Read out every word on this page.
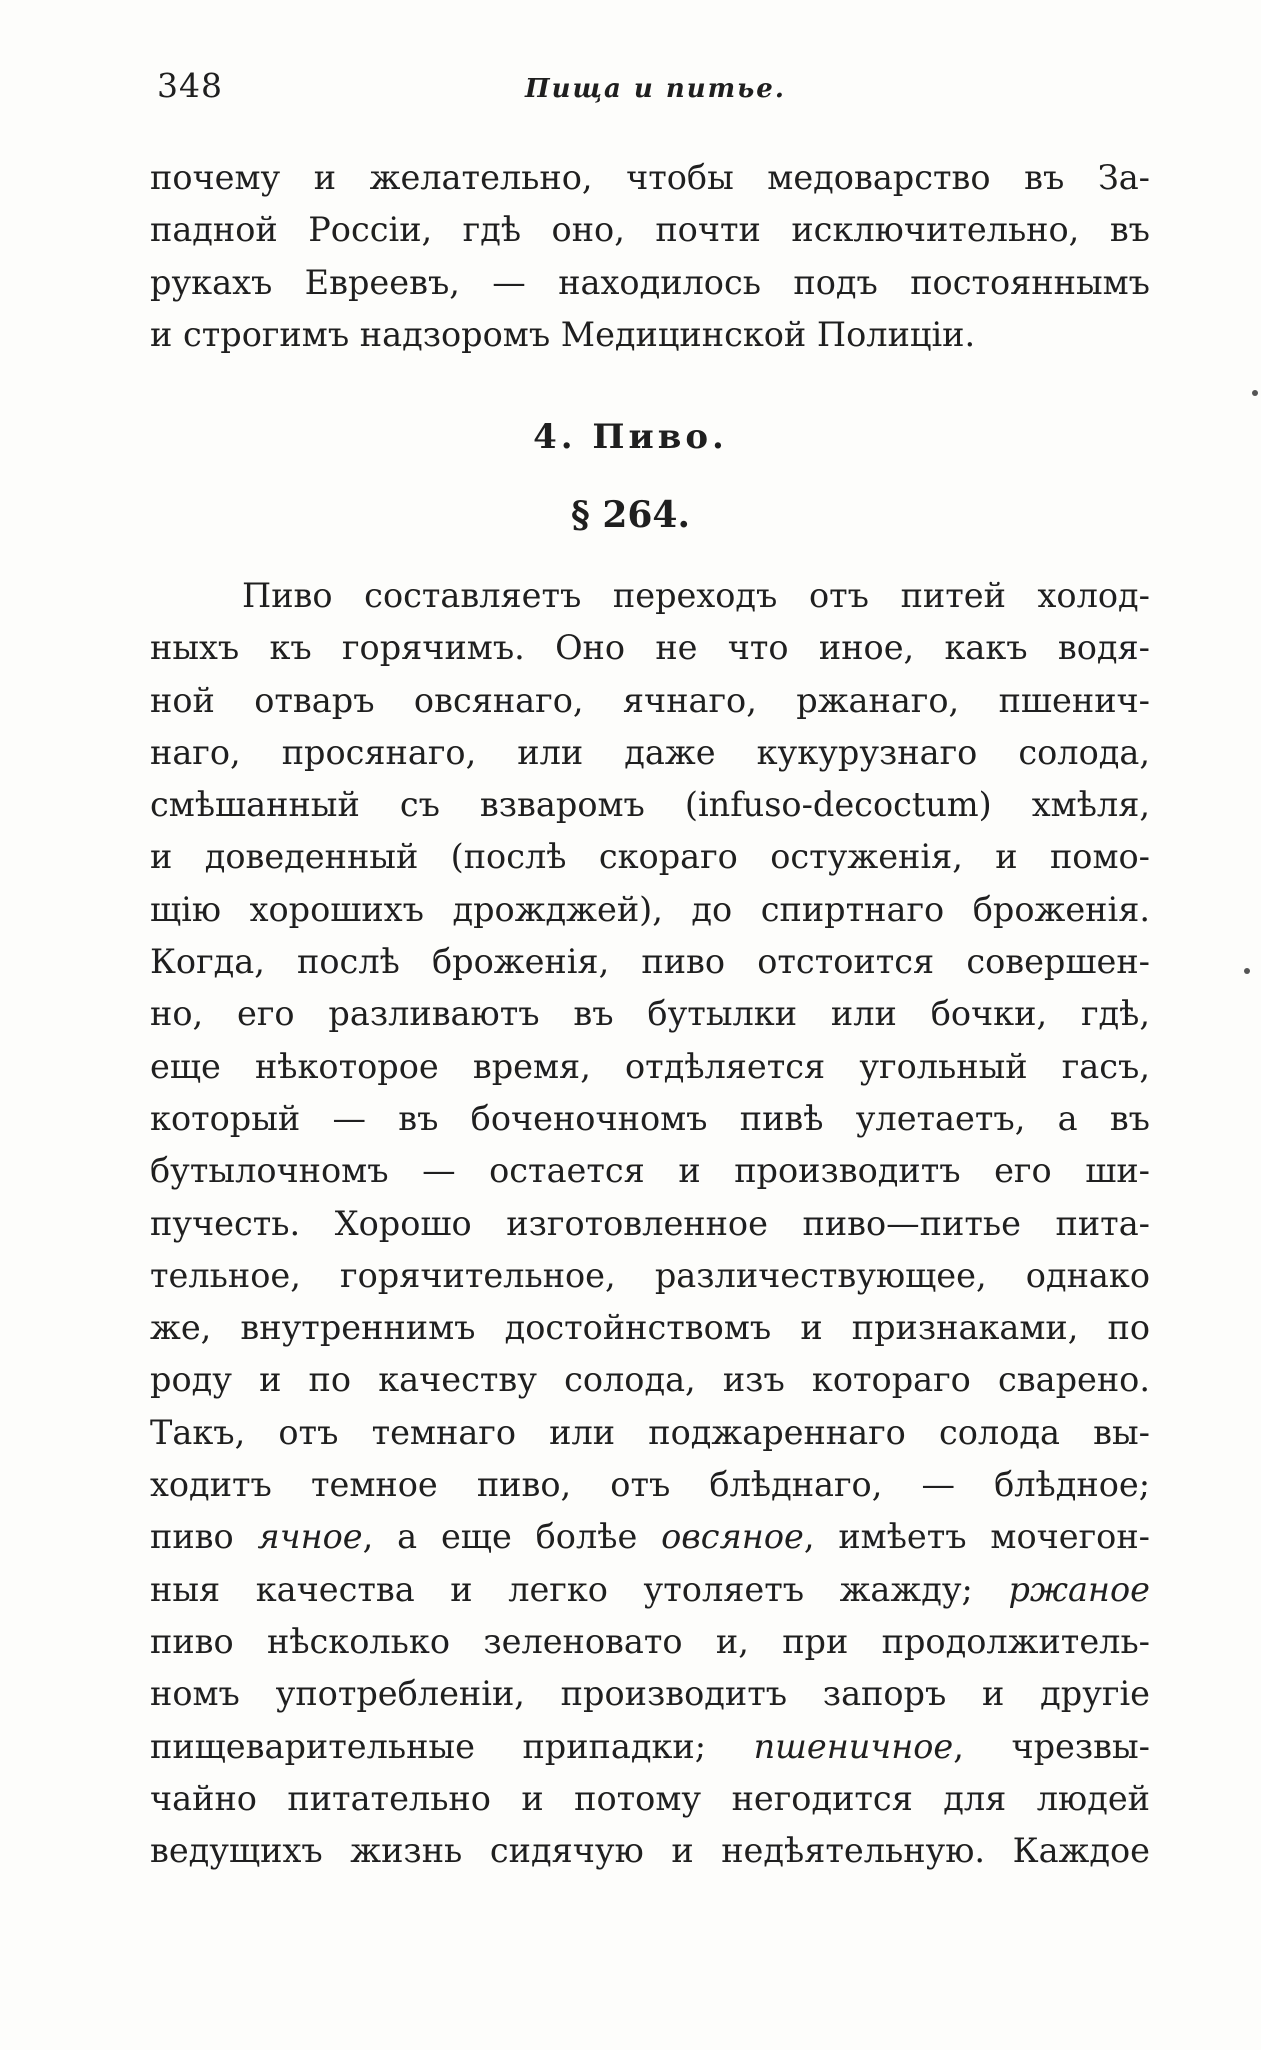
348	Пища и питье.
почему и желательно, чтобы медоварство въ За-
падной Россіи, гдѣ оно, почти исключительно, въ
рукахъ Евреевъ, — находилось подъ постояннымъ
и строгимъ надзоромъ Медицинской Полиціи.
4. Пиво.
§ 264.
Пиво составляетъ переходъ отъ питей холод-
ныхъ къ горячимъ. Оно не что иное, какъ водя-
ной отваръ овсянаго, ячнаго, ржанаго, пшенич-
наго, просянаго, или даже кукурузнаго солода,
смѣшанный съ взваромъ (infuso-decoctum) хмѣля,
и доведенный (послѣ скораго остуженія, и помо-
щію хорошихъ дрожджей), до спиртнаго броженія.
Когда, послѣ броженія, пиво отстоится совершен-
но, его разливаютъ въ бутылки или бочки, гдѣ,
еще нѣкоторое время, отдѣляется угольный гасъ,
который — въ боченочномъ пивѣ улетаетъ, а въ
бутылочномъ — остается и производитъ его ши-
пучесть. Хорошо изготовленное пиво—питье пита-
тельное, горячительное, различествующее, однако
же, внутреннимъ достойнствомъ и признаками, по
роду и по качеству солода, изъ котораго сварено.
Такъ, отъ темнаго или поджареннаго солода вы-
ходитъ темное пиво, отъ блѣднаго, — блѣдное;
пиво ячное, а еще болѣе овсяное, имѣетъ мочегон-
ныя качества и легко утоляетъ жажду; ржаное
пиво нѣсколько зеленовато и, при продолжитель-
номъ употребленіи, производитъ запоръ и другіе
пищеварительные припадки; пшеничное, чрезвы-
чайно питательно и потому негодится для людей
ведущихъ жизнь сидячую и недѣятельную. Каждое
